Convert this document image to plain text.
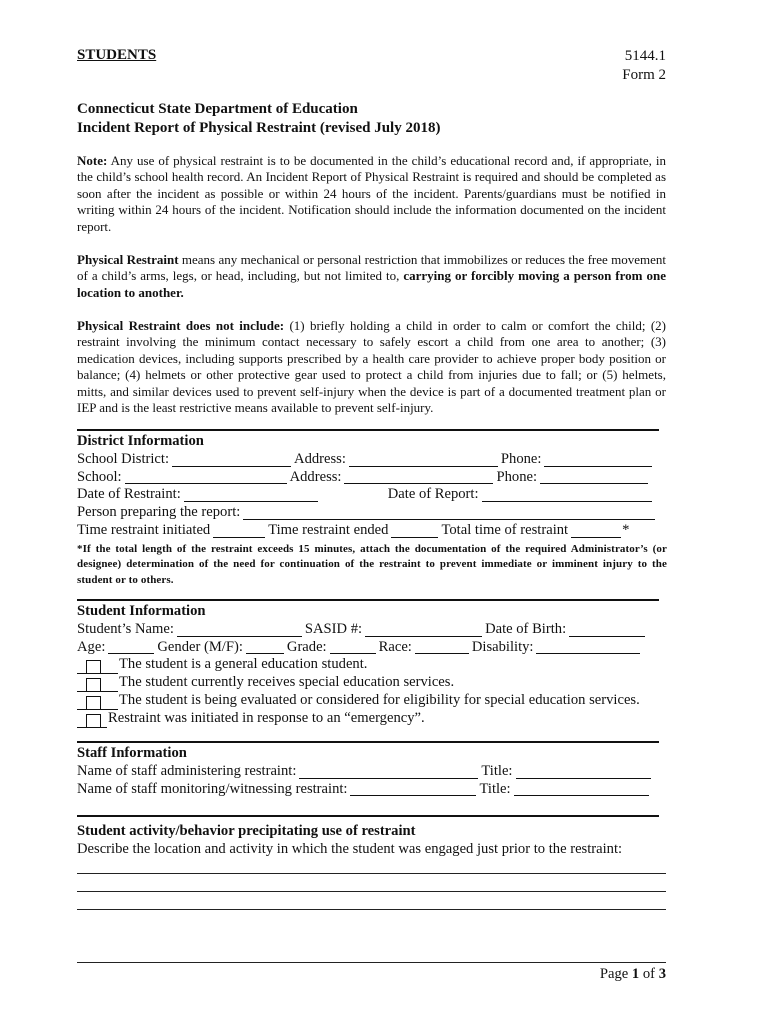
STUDENTS	5144.1
Form 2
Connecticut State Department of Education
Incident Report of Physical Restraint (revised July 2018)
Note: Any use of physical restraint is to be documented in the child’s educational record and, if appropriate, in the child’s school health record. An Incident Report of Physical Restraint is required and should be completed as soon after the incident as possible or within 24 hours of the incident. Parents/guardians must be notified in writing within 24 hours of the incident. Notification should include the information documented on the incident report.
Physical Restraint means any mechanical or personal restriction that immobilizes or reduces the free movement of a child’s arms, legs, or head, including, but not limited to, carrying or forcibly moving a person from one location to another.
Physical Restraint does not include: (1) briefly holding a child in order to calm or comfort the child; (2) restraint involving the minimum contact necessary to safely escort a child from one area to another; (3) medication devices, including supports prescribed by a health care provider to achieve proper body position or balance; (4) helmets or other protective gear used to protect a child from injuries due to fall; or (5) helmets, mitts, and similar devices used to prevent self-injury when the device is part of a documented treatment plan or IEP and is the least restrictive means available to prevent self-injury.
District Information
School District:	Address:	Phone:
School:	Address:	Phone:
Date of Restraint:	Date of Report:
Person preparing the report:
Time restraint initiated	Time restraint ended	Total time of restraint	*
*If the total length of the restraint exceeds 15 minutes, attach the documentation of the required Administrator’s (or designee) determination of the need for continuation of the restraint to prevent immediate or imminent injury to the student or to others.
Student Information
Student’s Name:	SASID #:	Date of Birth:
Age:	Gender (M/F):	Grade:	Race:	Disability:
The student is a general education student.
The student currently receives special education services.
The student is being evaluated or considered for eligibility for special education services.
Restraint was initiated in response to an “emergency”.
Staff Information
Name of staff administering restraint:	Title:
Name of staff monitoring/witnessing restraint:	Title:
Student activity/behavior precipitating use of restraint
Describe the location and activity in which the student was engaged just prior to the restraint:
Page 1 of 3
